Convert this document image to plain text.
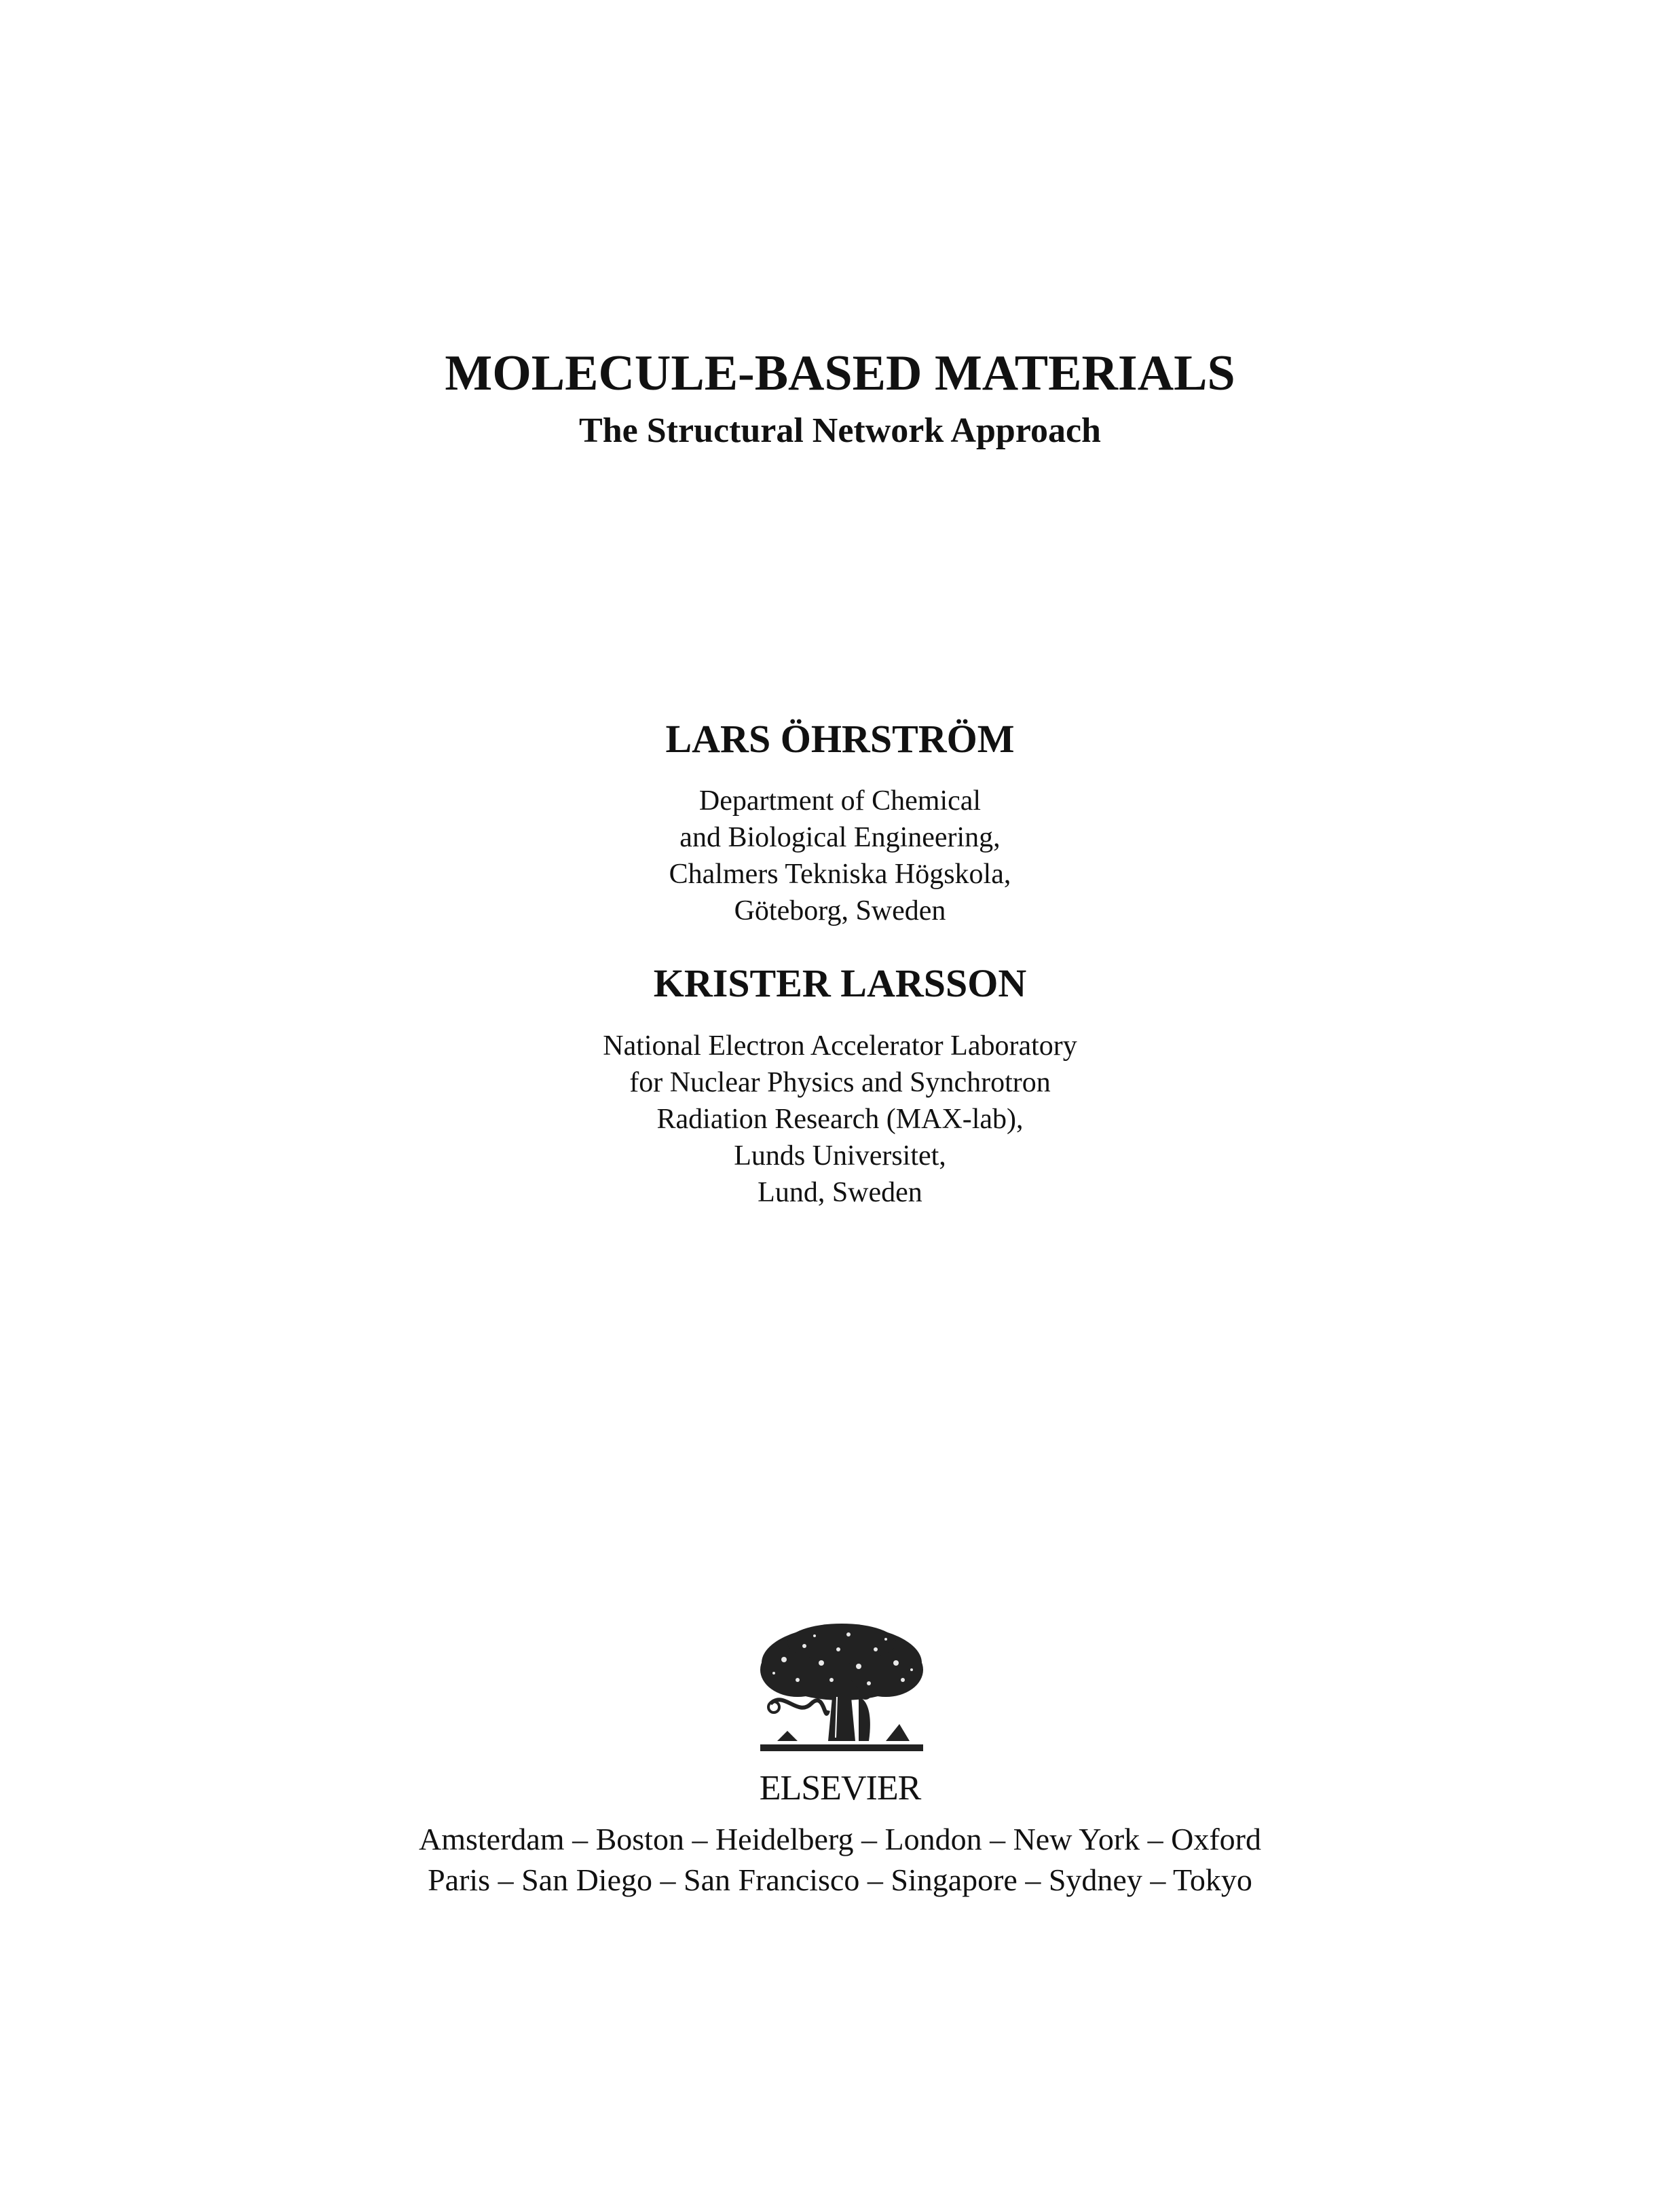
MOLECULE-BASED MATERIALS
The Structural Network Approach
LARS ÖHRSTRÖM
Department of Chemical
and Biological Engineering,
Chalmers Tekniska Högskola,
Göteborg, Sweden
KRISTER LARSSON
National Electron Accelerator Laboratory
for Nuclear Physics and Synchrotron
Radiation Research (MAX-lab),
Lunds Universitet,
Lund, Sweden
ELSEVIER
Amsterdam – Boston – Heidelberg – London – New York – Oxford
Paris – San Diego – San Francisco – Singapore – Sydney – Tokyo
